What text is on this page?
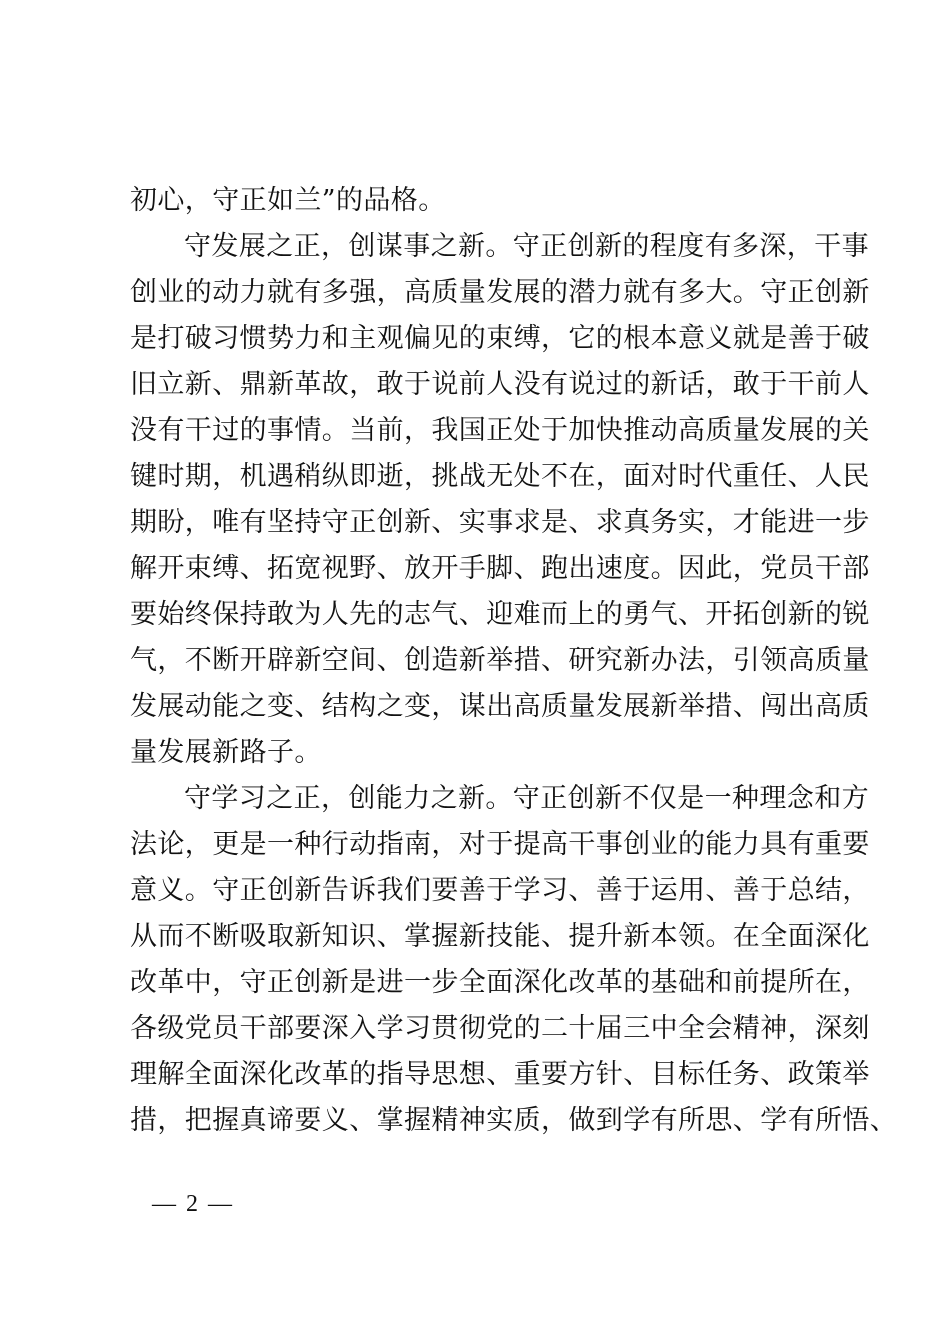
初心，守正如兰”的品格。
守发展之正，创谋事之新。守正创新的程度有多深，干事
创业的动力就有多强，高质量发展的潜力就有多大。守正创新
是打破习惯势力和主观偏见的束缚，它的根本意义就是善于破
旧立新、鼎新革故，敢于说前人没有说过的新话，敢于干前人
没有干过的事情。当前，我国正处于加快推动高质量发展的关
键时期，机遇稍纵即逝，挑战无处不在，面对时代重任、人民
期盼，唯有坚持守正创新、实事求是、求真务实，才能进一步
解开束缚、拓宽视野、放开手脚、跑出速度。因此，党员干部
要始终保持敢为人先的志气、迎难而上的勇气、开拓创新的锐
气，不断开辟新空间、创造新举措、研究新办法，引领高质量
发展动能之变、结构之变，谋出高质量发展新举措、闯出高质
量发展新路子。
守学习之正，创能力之新。守正创新不仅是一种理念和方
法论，更是一种行动指南，对于提高干事创业的能力具有重要
意义。守正创新告诉我们要善于学习、善于运用、善于总结，
从而不断吸取新知识、掌握新技能、提升新本领。在全面深化
改革中，守正创新是进一步全面深化改革的基础和前提所在，
各级党员干部要深入学习贯彻党的二十届三中全会精神，深刻
理解全面深化改革的指导思想、重要方针、目标任务、政策举
措，把握真谛要义、掌握精神实质，做到学有所思、学有所悟、
— 2 —
